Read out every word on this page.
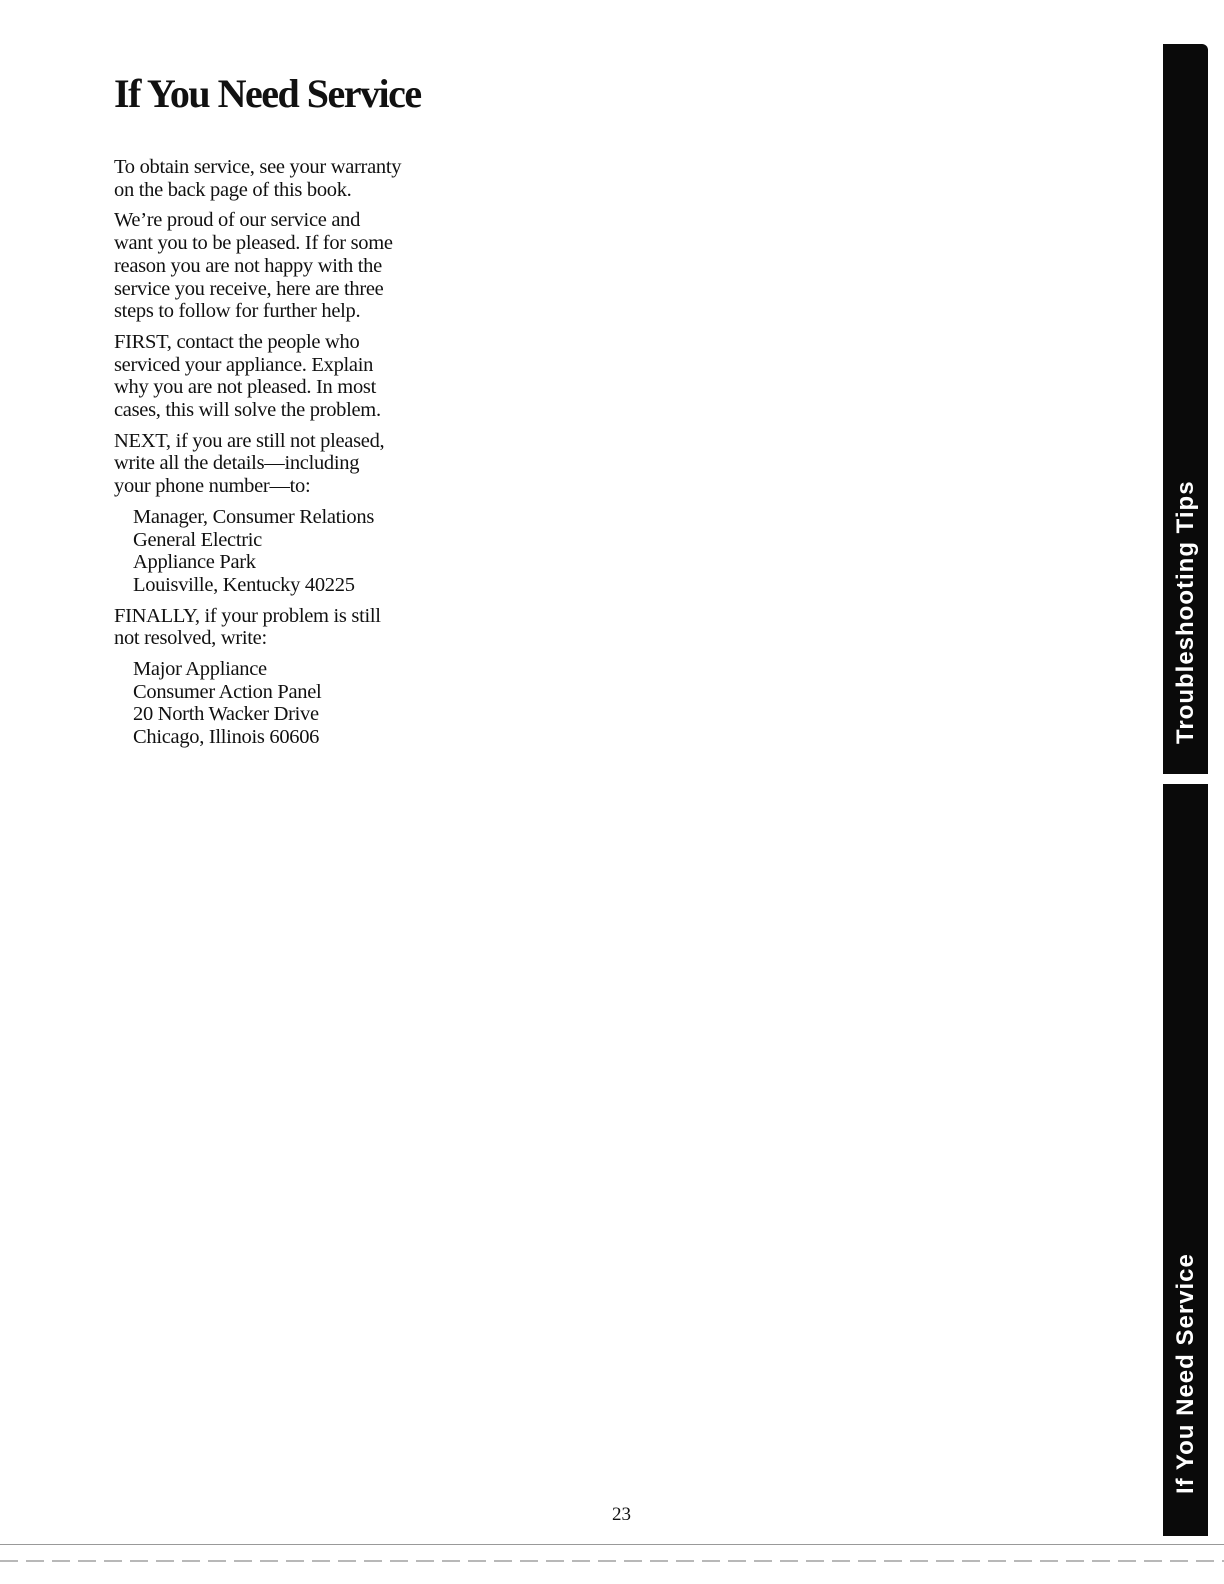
If You Need Service

To obtain service, see your warranty
on the back page of this book.

We’re proud of our service and
want you to be pleased. If for some
reason you are not happy with the
service you receive, here are three
steps to follow for further help.

FIRST, contact the people who
serviced your appliance. Explain
why you are not pleased. In most
cases, this will solve the problem.

NEXT, if you are still not pleased,
write all the details—including
your phone number—to:

Manager, Consumer Relations
General Electric
Appliance Park
Louisville, Kentucky 40225

FINALLY, if your problem is still
not resolved, write:

Major Appliance
Consumer Action Panel
20 North Wacker Drive
Chicago, Illinois 60606	Troubleshooting Tips
If You Need Service
23
